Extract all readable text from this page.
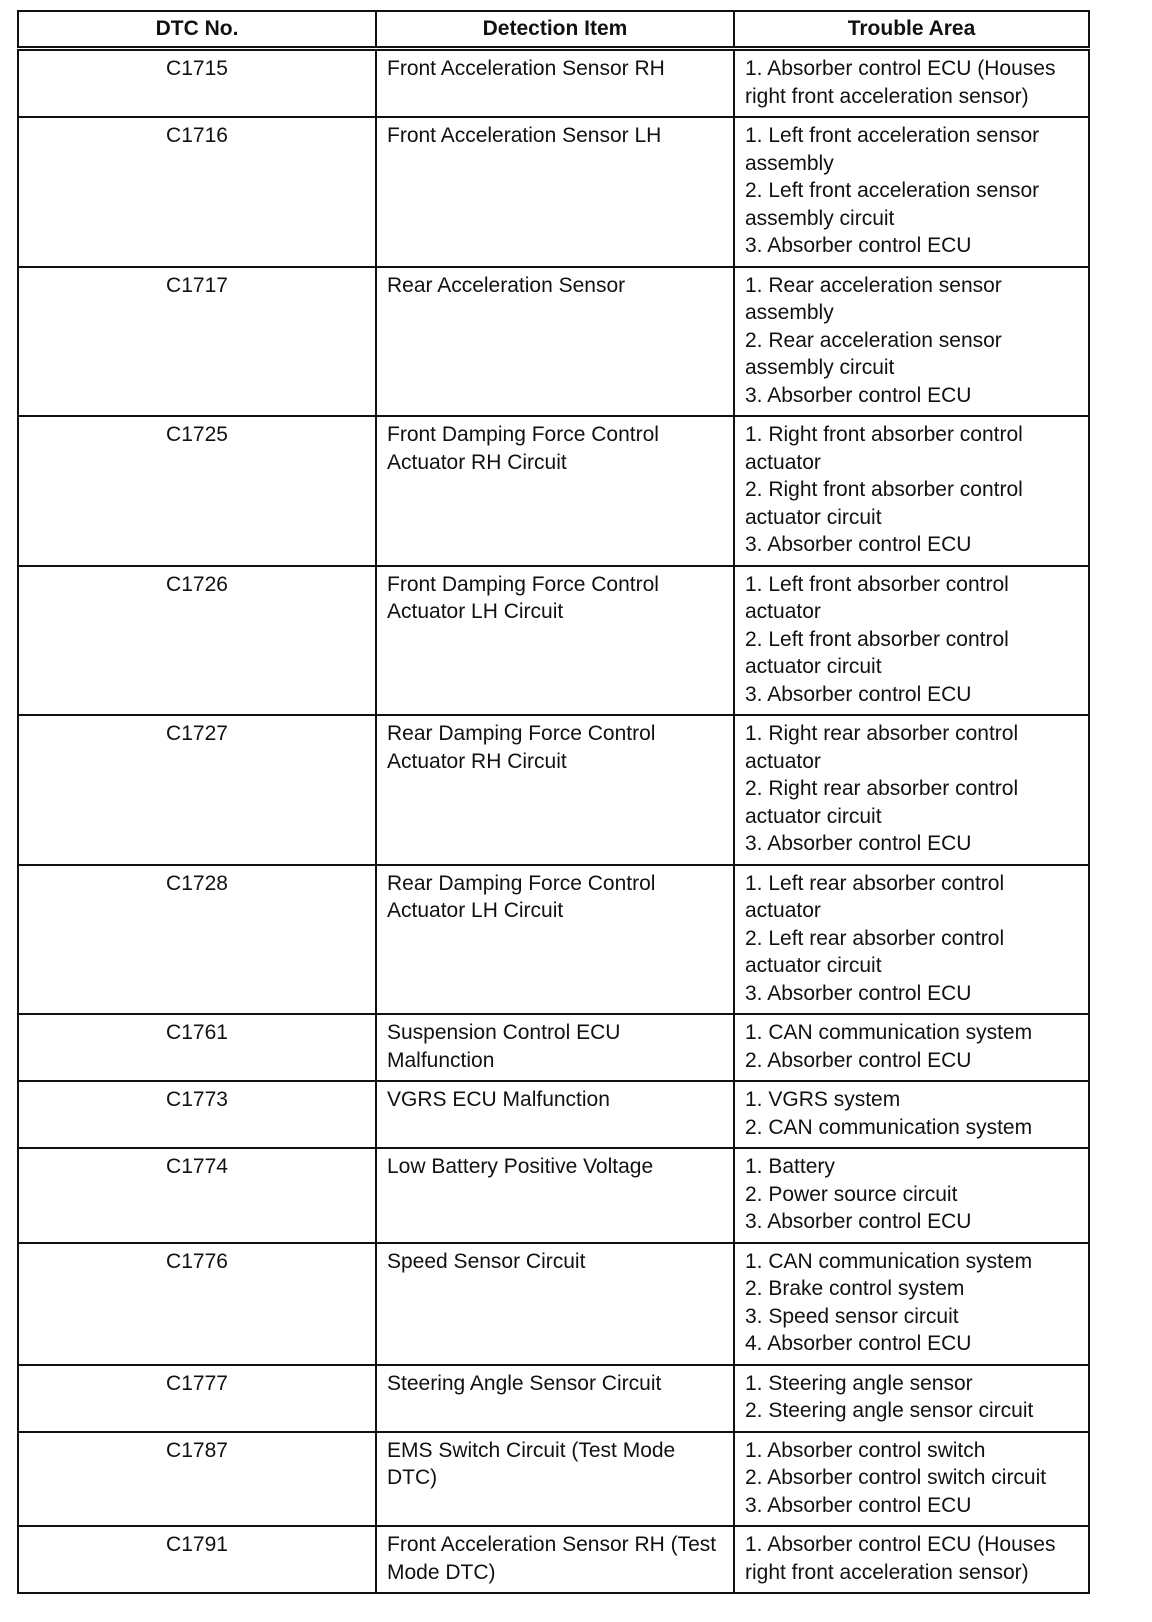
DTC No.	Detection Item	Trouble Area
C1715	Front Acceleration Sensor RH	1. Absorber control ECU (Houses right front acceleration sensor)

C1716	Front Acceleration Sensor LH	1. Left front acceleration sensor assembly
2. Left front acceleration sensor assembly circuit
3. Absorber control ECU

C1717	Rear Acceleration Sensor	1. Rear acceleration sensor assembly
2. Rear acceleration sensor assembly circuit
3. Absorber control ECU

C1725	Front Damping Force Control Actuator RH Circuit	1. Right front absorber control actuator
2. Right front absorber control actuator circuit
3. Absorber control ECU

C1726	Front Damping Force Control Actuator LH Circuit	1. Left front absorber control actuator
2. Left front absorber control actuator circuit
3. Absorber control ECU

C1727	Rear Damping Force Control Actuator RH Circuit	1. Right rear absorber control actuator
2. Right rear absorber control actuator circuit
3. Absorber control ECU

C1728	Rear Damping Force Control Actuator LH Circuit	1. Left rear absorber control actuator
2. Left rear absorber control actuator circuit
3. Absorber control ECU

C1761	Suspension Control ECU Malfunction	1. CAN communication system
2. Absorber control ECU

C1773	VGRS ECU Malfunction	1. VGRS system
2. CAN communication system

C1774	Low Battery Positive Voltage	1. Battery
2. Power source circuit
3. Absorber control ECU

C1776	Speed Sensor Circuit	1. CAN communication system
2. Brake control system
3. Speed sensor circuit
4. Absorber control ECU

C1777	Steering Angle Sensor Circuit	1. Steering angle sensor
2. Steering angle sensor circuit

C1787	EMS Switch Circuit (Test Mode DTC)	1. Absorber control switch
2. Absorber control switch circuit
3. Absorber control ECU

C1791	Front Acceleration Sensor RH (Test Mode DTC)	1. Absorber control ECU (Houses right front acceleration sensor)
